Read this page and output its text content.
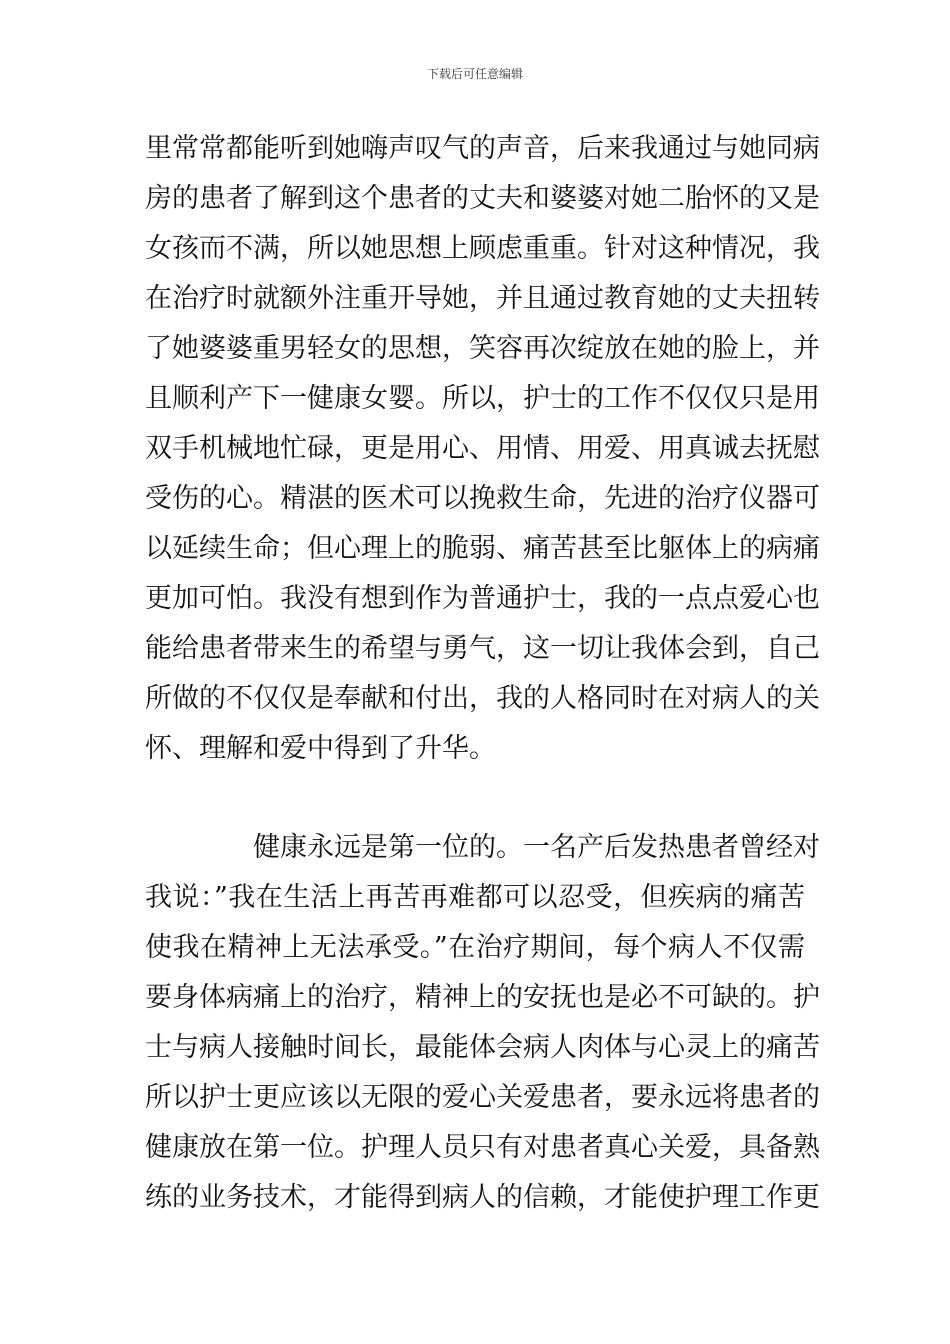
下载后可任意编辑
里常常都能听到她嗨声叹气的声音，后来我通过与她同病
房的患者了解到这个患者的丈夫和婆婆对她二胎怀的又是
女孩而不满，所以她思想上顾虑重重。针对这种情况，我
在治疗时就额外注重开导她，并且通过教育她的丈夫扭转
了她婆婆重男轻女的思想，笑容再次绽放在她的脸上，并
且顺利产下一健康女婴。所以，护士的工作不仅仅只是用
双手机械地忙碌，更是用心、用情、用爱、用真诚去抚慰
受伤的心。精湛的医术可以挽救生命，先进的治疗仪器可
以延续生命；但心理上的脆弱、痛苦甚至比躯体上的病痛
更加可怕。我没有想到作为普通护士，我的一点点爱心也
能给患者带来生的希望与勇气，这一切让我体会到，自己
所做的不仅仅是奉献和付出，我的人格同时在对病人的关
怀、理解和爱中得到了升华。
健康永远是第一位的。一名产后发热患者曾经对
我说：”我在生活上再苦再难都可以忍受，但疾病的痛苦
使我在精神上无法承受。”在治疗期间，每个病人不仅需
要身体病痛上的治疗，精神上的安抚也是必不可缺的。护
士与病人接触时间长，最能体会病人肉体与心灵上的痛苦
所以护士更应该以无限的爱心关爱患者，要永远将患者的
健康放在第一位。护理人员只有对患者真心关爱，具备熟
练的业务技术，才能得到病人的信赖，才能使护理工作更
